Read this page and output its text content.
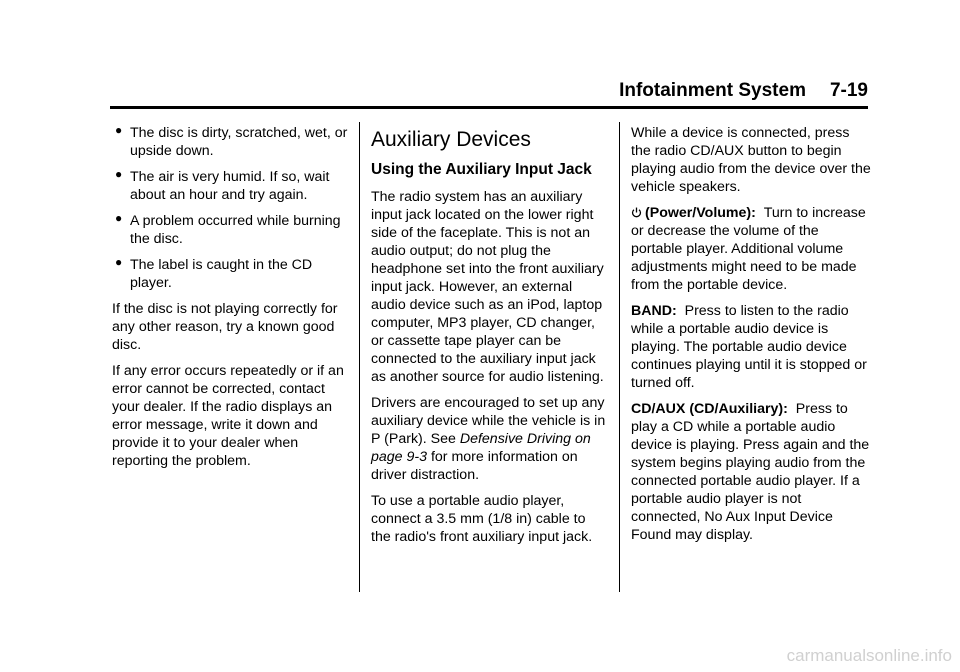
Infotainment System 7-19
● The disc is dirty, scratched, wet, or upside down.
● The air is very humid. If so, wait about an hour and try again.
● A problem occurred while burning the disc.
● The label is caught in the CD player.

If the disc is not playing correctly for any other reason, try a known good disc.

If any error occurs repeatedly or if an error cannot be corrected, contact your dealer. If the radio displays an error message, write it down and provide it to your dealer when reporting the problem.

Auxiliary Devices
Using the Auxiliary Input Jack

The radio system has an auxiliary input jack located on the lower right side of the faceplate. This is not an audio output; do not plug the headphone set into the front auxiliary input jack. However, an external audio device such as an iPod, laptop computer, MP3 player, CD changer, or cassette tape player can be connected to the auxiliary input jack as another source for audio listening.

Drivers are encouraged to set up any auxiliary device while the vehicle is in P (Park). See Defensive Driving on page 9-3 for more information on driver distraction.

To use a portable audio player, connect a 3.5 mm (1/8 in) cable to the radio's front auxiliary input jack.

While a device is connected, press the radio CD/AUX button to begin playing audio from the device over the vehicle speakers.

(Power/Volume): Turn to increase or decrease the volume of the portable player. Additional volume adjustments might need to be made from the portable device.

BAND: Press to listen to the radio while a portable audio device is playing. The portable audio device continues playing until it is stopped or turned off.

CD/AUX (CD/Auxiliary): Press to play a CD while a portable audio device is playing. Press again and the system begins playing audio from the connected portable audio player. If a portable audio player is not connected, No Aux Input Device Found may display.

carmanualsonline.info
